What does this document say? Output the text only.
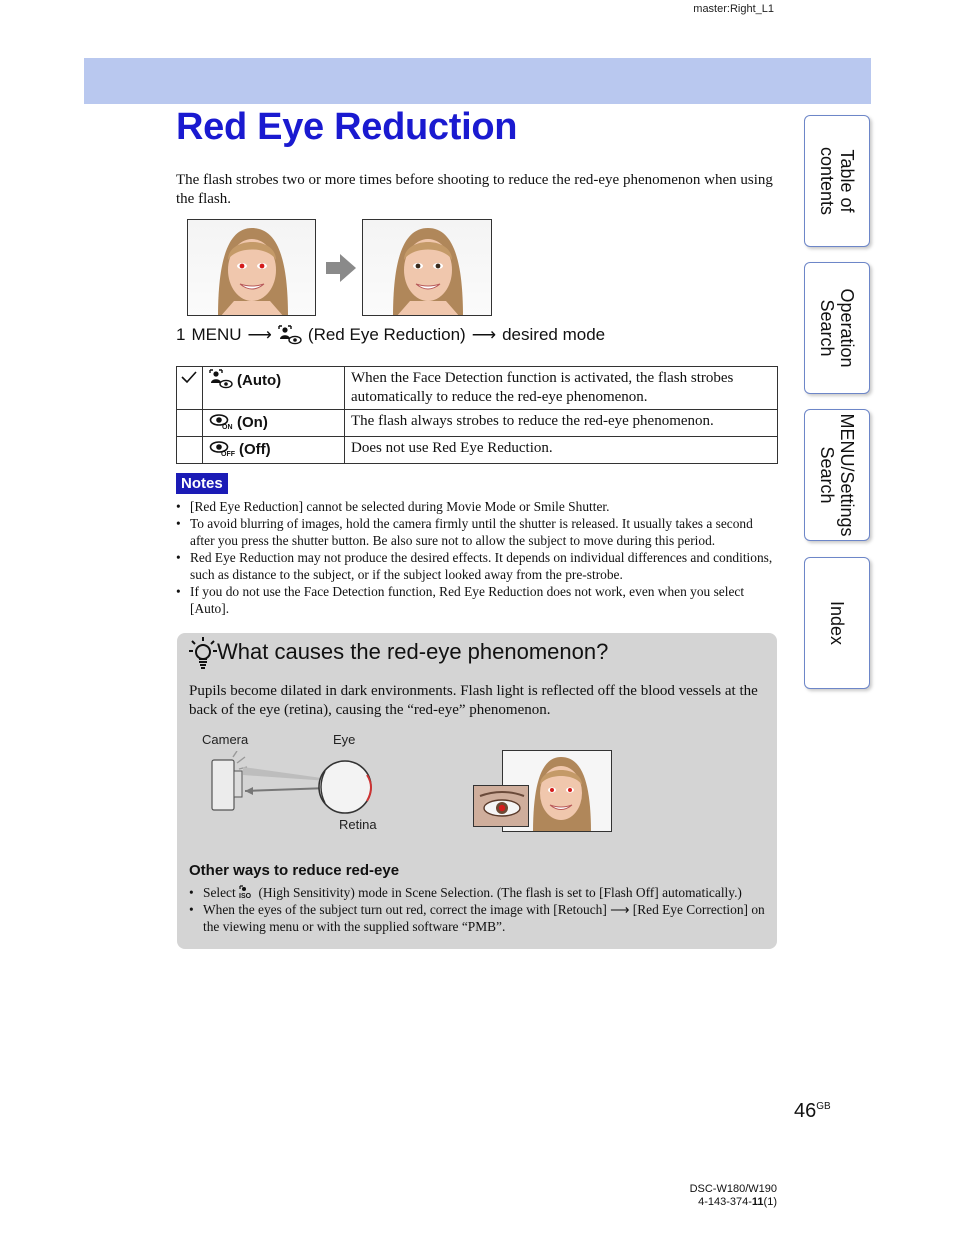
master:Right_L1
Red Eye Reduction

The flash strobes two or more times before shooting to reduce the red-eye phenomenon when using the flash.

1 MENU ⟶ (Red Eye Reduction) ⟶ desired mode
	(Auto)	When the Face Detection function is activated, the flash strobes automatically to reduce the red-eye phenomenon.

ON (On)	The flash always strobes to reduce the red-eye phenomenon.

OFF (Off)	Does not use Red Eye Reduction.
Notes
• [Red Eye Reduction] cannot be selected during Movie Mode or Smile Shutter.
• To avoid blurring of images, hold the camera firmly until the shutter is released. It usually takes a second after you press the shutter button. Be also sure not to allow the subject to move during this period.
• Red Eye Reduction may not produce the desired effects. It depends on individual differences and conditions, such as distance to the subject, or if the subject looked away from the pre-strobe.
• If you do not use the Face Detection function, Red Eye Reduction does not work, even when you select [Auto].
What causes the red-eye phenomenon?

Pupils become dilated in dark environments. Flash light is reflected off the blood vessels at the back of the eye (retina), causing the “red-eye” phenomenon.

Camera	Eye
Retina
Other ways to reduce red-eye
• Select ISO (High Sensitivity) mode in Scene Selection. (The flash is set to [Flash Off] automatically.)
• When the eyes of the subject turn out red, correct the image with [Retouch] ⟶ [Red Eye Correction] on the viewing menu or with the supplied software “PMB”.
Table of
contents
Operation
Search
MENU/Settings
Search
Index
$46^{GB}$
DSC-W180/W190
4-143-374-11(1)
